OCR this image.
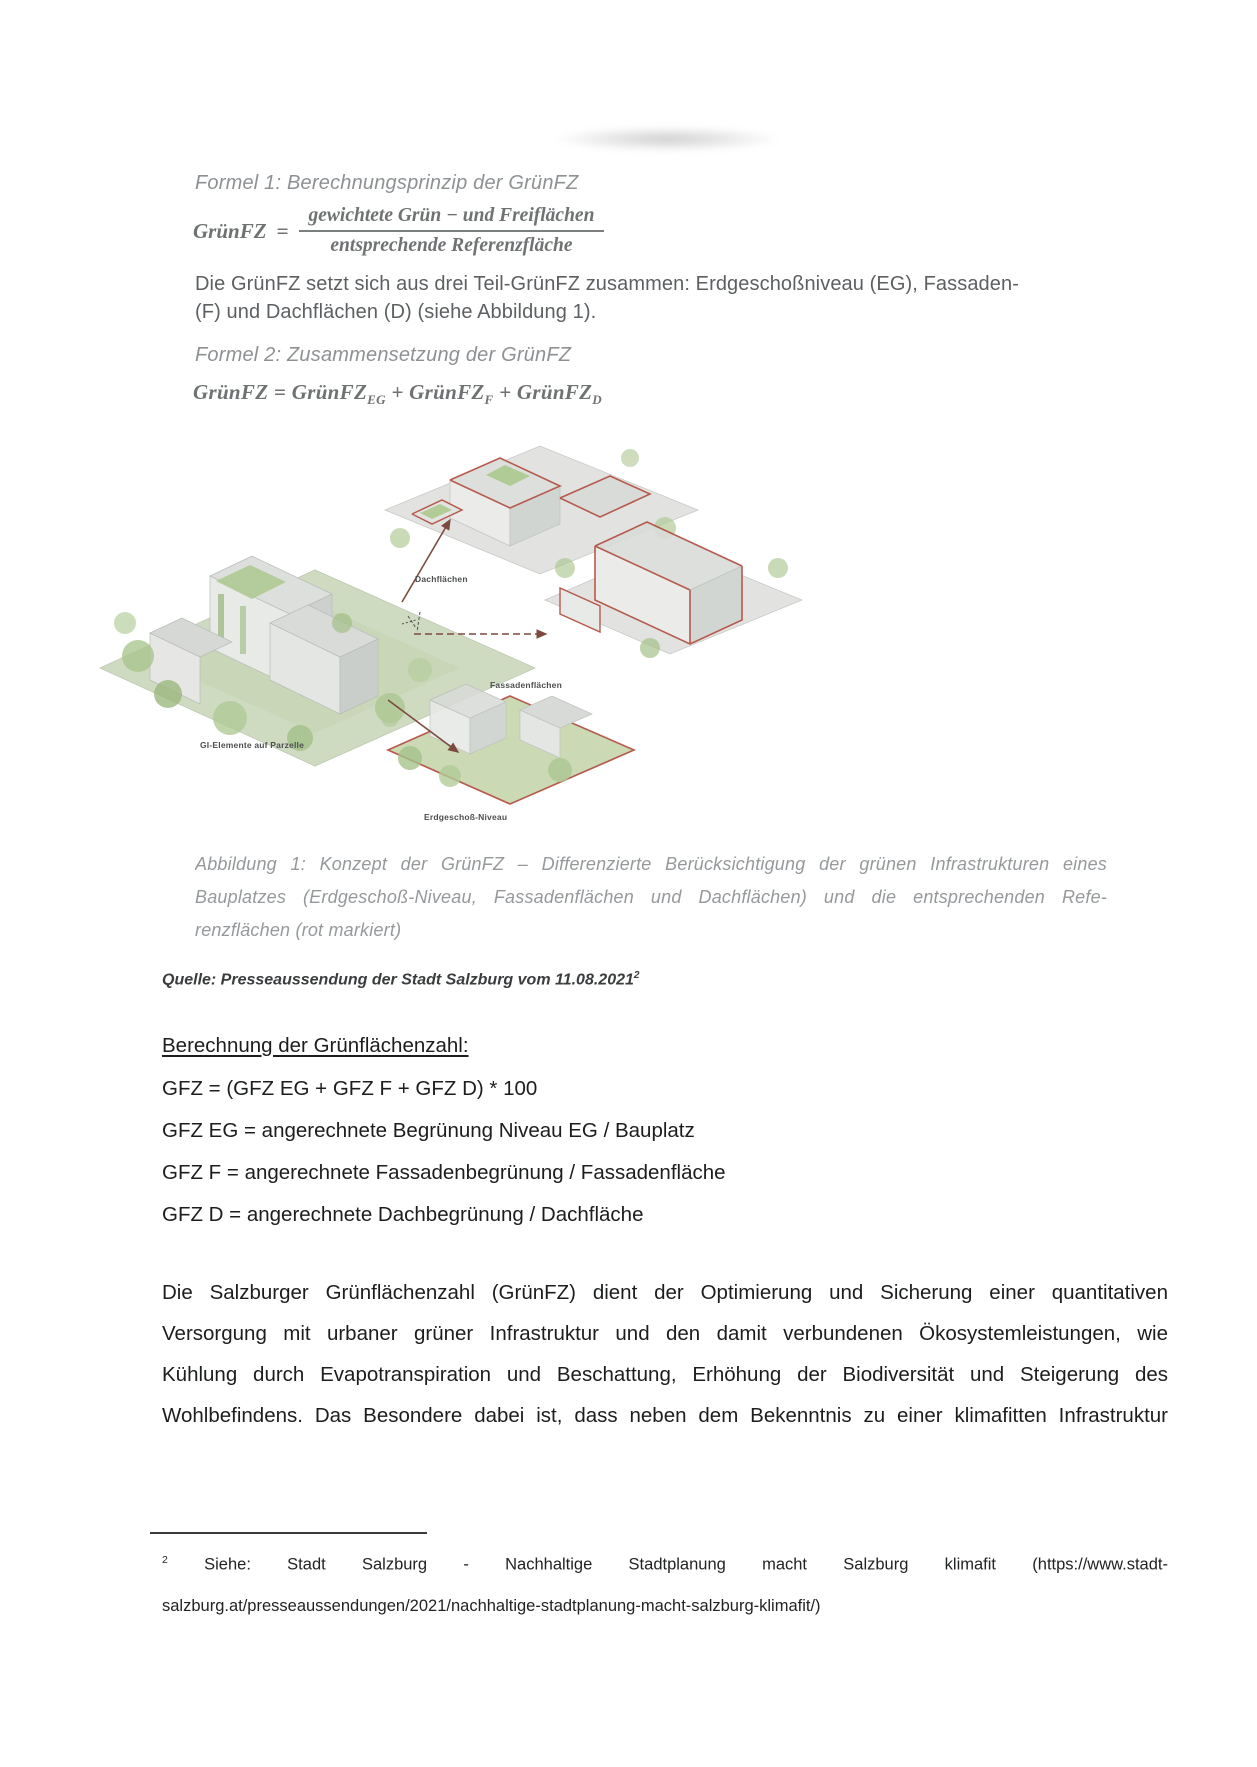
Formel 1: Berechnungsprinzip der GrünFZ
GrünFZ = $\frac{\text{gewichtete Grün − und Freiflächen}}{\text{entsprechende Referenzfläche}}$
Die GrünFZ setzt sich aus drei Teil-GrünFZ zusammen: Erdgeschoßniveau (EG), Fassaden-
(F) und Dachflächen (D) (siehe Abbildung 1).
Formel 2: Zusammensetzung der GrünFZ
GrünFZ = GrünFZ$_{EG}$ + GrünFZ$_F$ + GrünFZ$_D$
Dachflächen
Fassadenflächen
Erdgeschoß-Niveau
GI-Elemente auf Parzelle
Abbildung 1: Konzept der GrünFZ – Differenzierte Berücksichtigung der grünen Infrastrukturen eines
Bauplatzes (Erdgeschoß-Niveau, Fassadenflächen und Dachflächen) und die entsprechenden Refe-
renzflächen (rot markiert)
Quelle: Presseaussendung der Stadt Salzburg vom 11.08.2021$^2$
Berechnung der Grünflächenzahl:
GFZ = (GFZ EG + GFZ F + GFZ D) * 100
GFZ EG = angerechnete Begrünung Niveau EG / Bauplatz
GFZ F = angerechnete Fassadenbegrünung / Fassadenfläche
GFZ D = angerechnete Dachbegrünung / Dachfläche
Die Salzburger Grünflächenzahl (GrünFZ) dient der Optimierung und Sicherung einer quantitativen
Versorgung mit urbaner grüner Infrastruktur und den damit verbundenen Ökosystemleistungen, wie
Kühlung durch Evapotranspiration und Beschattung, Erhöhung der Biodiversität und Steigerung des
Wohlbefindens. Das Besondere dabei ist, dass neben dem Bekenntnis zu einer klimafitten Infrastruktur
$^2$ Siehe: Stadt Salzburg - Nachhaltige Stadtplanung macht Salzburg klimafit (https://www.stadt-
salzburg.at/presseaussendungen/2021/nachhaltige-stadtplanung-macht-salzburg-klimafit/)
